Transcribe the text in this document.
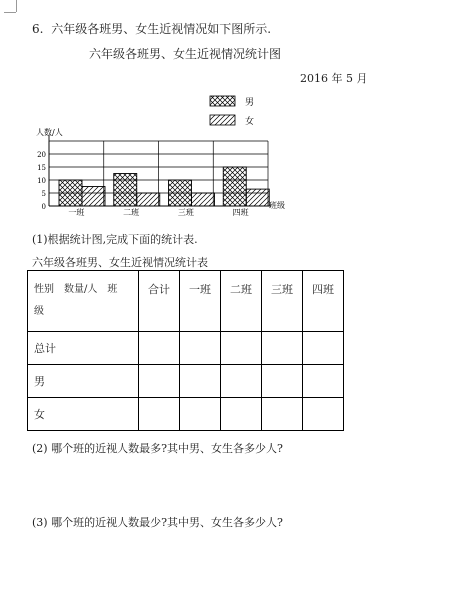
6. 六年级各班男、女生近视情况如下图所示.
六年级各班男、女生近视情况统计图
2016 年 5 月
男
女
人数/人
0
5
10
15
20
一班	二班	三班	四班
班级
(1)根据统计图,完成下面的统计表.
六年级各班男、女生近视情况统计表
性别　数量/人　班
级	合计	一班	二班	三班	四班
总计					
男					
女					
(2) 哪个班的近视人数最多?其中男、女生各多少人?
(3) 哪个班的近视人数最少?其中男、女生各多少人?
